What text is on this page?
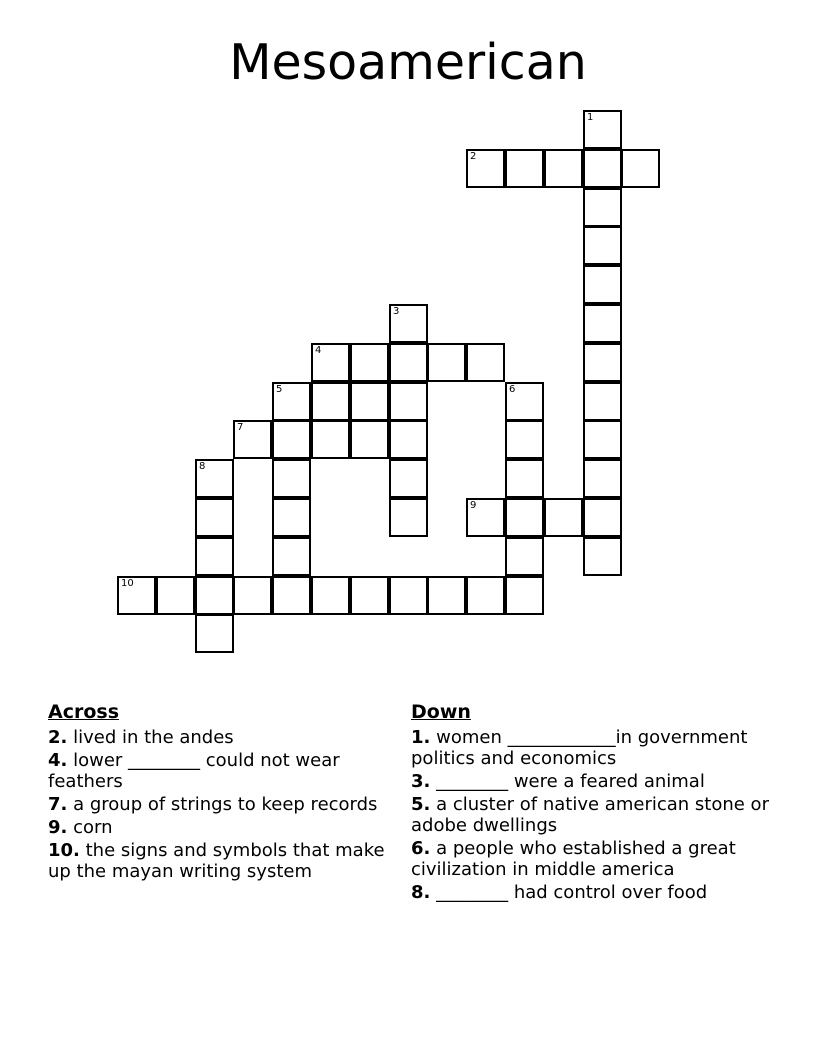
Mesoamerican
1
2
3
4
5	6
7
8
9
10
Across
2. lived in the andes
4. lower ________ could not wear feathers
7. a group of strings to keep records
9. corn
10. the signs and symbols that make up the mayan writing system
Down
1. women ____________in government politics and economics
3. ________ were a feared animal
5. a cluster of native american stone or adobe dwellings
6. a people who established a great civilization in middle america
8. ________ had control over food
